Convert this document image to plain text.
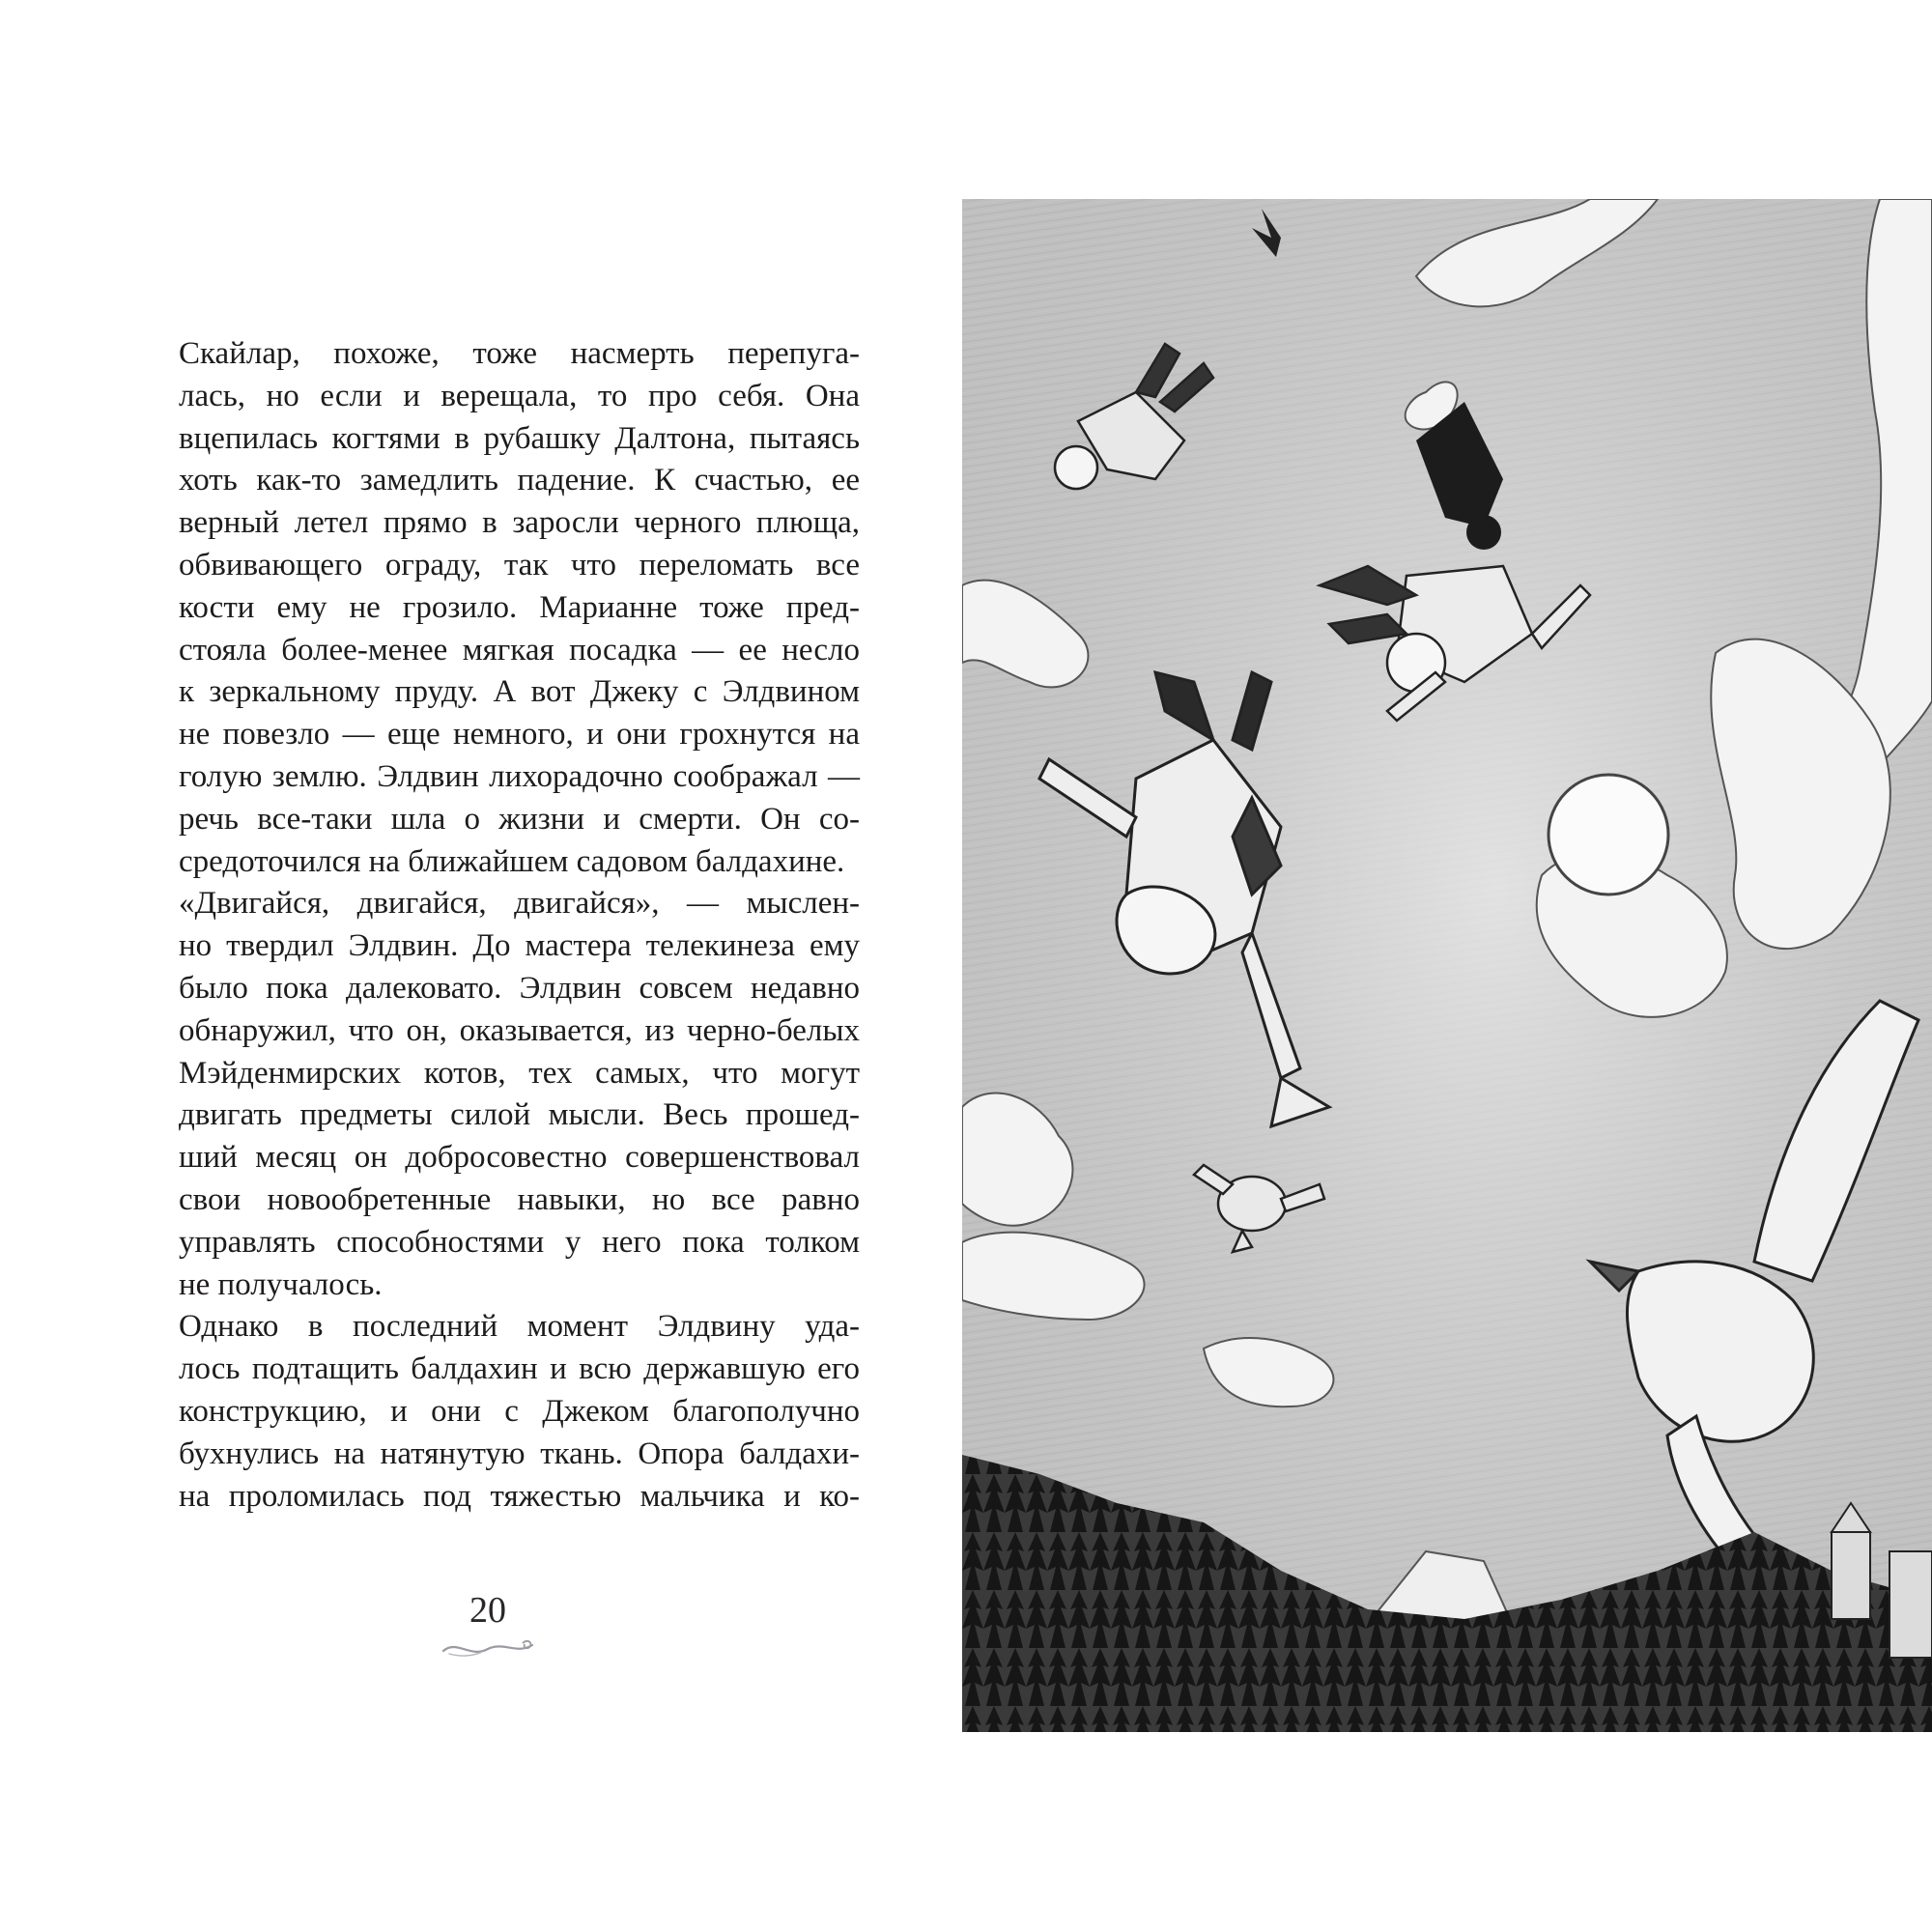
Скайлар, похоже, тоже насмерть перепуга-
лась, но если и верещала, то про себя. Она
вцепилась когтями в рубашку Далтона, пытаясь
хоть как-то замедлить падение. К счастью, ее
верный летел прямо в заросли черного плюща,
обвивающего ограду, так что переломать все
кости ему не грозило. Марианне тоже пред-
стояла более-менее мягкая посадка — ее несло
к зеркальному пруду. А вот Джеку с Элдвином
не повезло — еще немного, и они грохнутся на
голую землю. Элдвин лихорадочно соображал —
речь все-таки шла о жизни и смерти. Он со-
средоточился на ближайшем садовом балдахине.

«Двигайся, двигайся, двигайся», — мыслен-
но твердил Элдвин. До мастера телекинеза ему
было пока далековато. Элдвин совсем недавно
обнаружил, что он, оказывается, из черно-белых
Мэйденмирских котов, тех самых, что могут
двигать предметы силой мысли. Весь прошед-
ший месяц он добросовестно совершенствовал
свои новообретенные навыки, но все равно
управлять способностями у него пока толком
не получалось.

Однако в последний момент Элдвину уда-
лось подтащить балдахин и всю державшую его
конструкцию, и они с Джеком благополучно
бухнулись на натянутую ткань. Опора балдахи-
на проломилась под тяжестью мальчика и ко-

20
